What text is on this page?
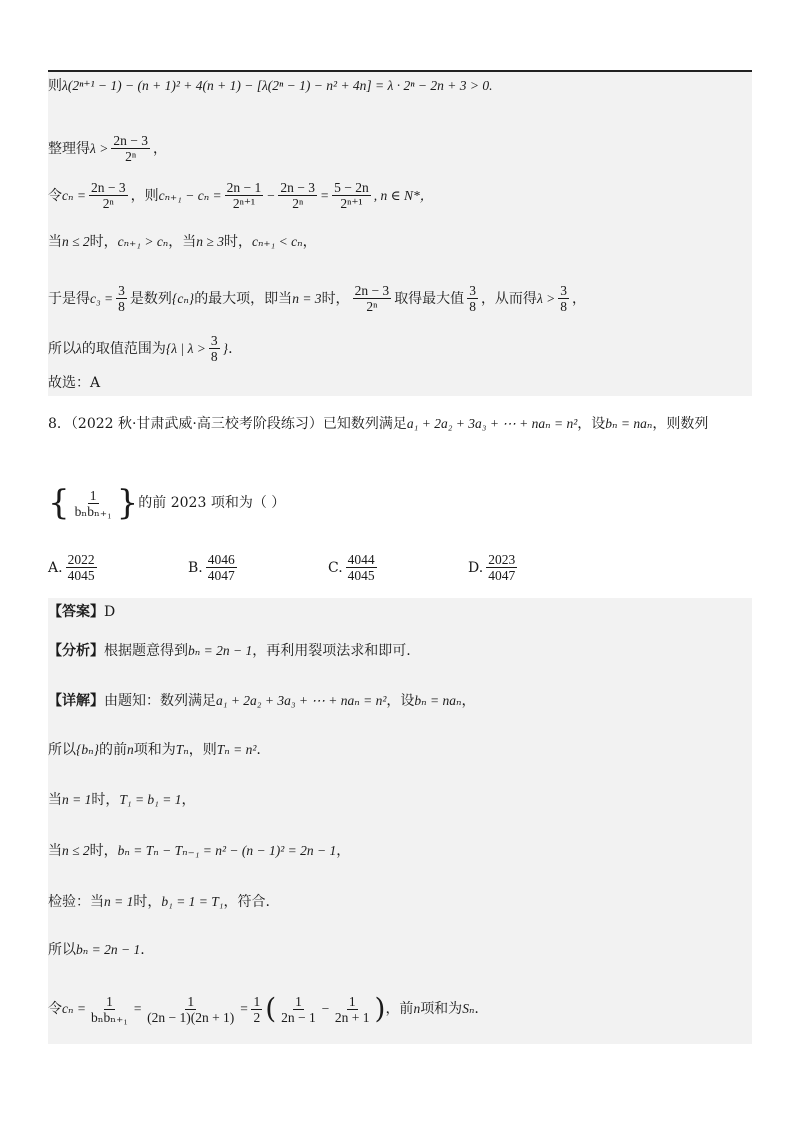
则 λ(2ⁿ⁺¹ − 1) − (n + 1)² + 4(n + 1) − [λ(2ⁿ − 1) − n² + 4n] = λ · 2ⁿ − 2n + 3 > 0.
整理得 $\lambda > \frac{2n - 3}{\text{2ⁿ}}$ ，
令 $c_n = \frac{2n - 3}{\text{2ⁿ}}$ ，则 $c_{n+1} - c_n = \frac{2n - 1}{\text{2ⁿ⁺¹}} - \frac{2n - 3}{\text{2ⁿ}} = \frac{5 - 2n}{\text{2ⁿ⁺¹}}$ , n ∈ N*，
当 n ≤ 2 时， cₙ₊₁ > cₙ ，当 n ≥ 3 时， cₙ₊₁ < cₙ ，
于是得 $c_3 = \frac{3}{8}$ 是数列 {cₙ} 的最大项，即当 n = 3 时， $\frac{2n - 3}{\text{2ⁿ}}$ 取得最大值 $\frac{3}{8}$ ，从而得 $\lambda > \frac{3}{8}$ ，
所以 λ 的取值范围为 {λ | $\lambda > \frac{3}{8}$ } .
故选：A
8．（2022 秋·甘肃武威·高三校考阶段练习）已知数列满足 a₁ + 2a₂ + 3a₃ + ⋯ + naₙ = n² ，设 bₙ = naₙ ，则数列
{ $\frac{1}{\text{bₙbₙ₊₁}}$ } 的前 2023 项和为（ ）
A. $\frac{2022}{4045}$	B. $\frac{4046}{4047}$	C. $\frac{4044}{4045}$	D. $\frac{2023}{4047}$
【答案】 D
【分析】 根据题意得到 bₙ = 2n − 1 ，再利用裂项法求和即可.
【详解】 由题知：数列满足 a₁ + 2a₂ + 3a₃ + ⋯ + naₙ = n² ，设 bₙ = naₙ ，
所以 {bₙ} 的前 n 项和为 Tₙ ，则 Tₙ = n² .
当 n = 1 时， T₁ = b₁ = 1 ，
当 n ≤ 2 时， bₙ = Tₙ − Tₙ₋₁ = n² − (n − 1)² = 2n − 1 ，
检验：当 n = 1 时， b₁ = 1 = T₁ ，符合.
所以 bₙ = 2n − 1 .
令 $c_n = \frac{1}{\text{bₙbₙ₊₁}} = \frac{1}{(2n - 1)(2n + 1)} = \frac{1}{2}$ ( $\frac{1}{2n - 1} - \frac{1}{2n + 1}$ ) ，前 n 项和为 Sₙ .
